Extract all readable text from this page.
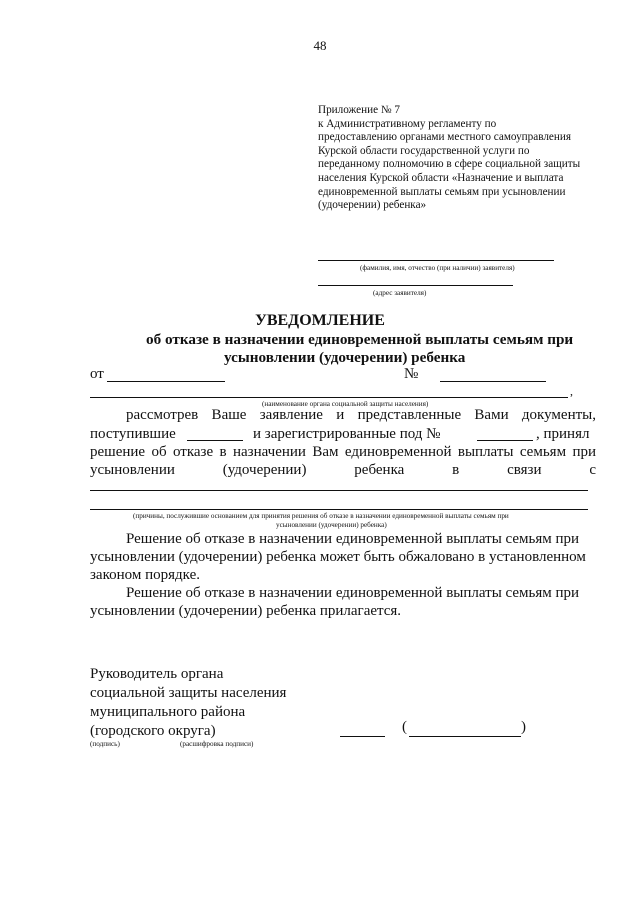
48
Приложение № 7
к Административному регламенту по
предоставлению органами местного самоуправления
Курской области государственной услуги по
переданному полномочию в сфере социальной защиты
населения Курской области «Назначение и выплата
единовременной выплаты семьям при усыновлении
(удочерении) ребенка»
(фамилия, имя, отчество (при наличии) заявителя)
(адрес заявителя)
УВЕДОМЛЕНИЕ
об отказе в назначении единовременной выплаты семьям при
усыновлении (удочерении) ребенка
от	№
,
(наименование органа социальной защиты населения)
рассмотрев Ваше заявление и представленные Вами документы,
поступившие	и зарегистрированные под №	, принял
решение об отказе в назначении Вам единовременной выплаты семьям при
усыновлении (удочерении) ребенка в связи с
(причины, послужившие основанием для принятия решения об отказе в назначении единовременной выплаты семьям при
усыновлении (удочерении) ребенка)
Решение об отказе в назначении единовременной выплаты семьям при
усыновлении (удочерении) ребенка может быть обжаловано в установленном
законом порядке.
Решение об отказе в назначении единовременной выплаты семьям при
усыновлении (удочерении) ребенка прилагается.
Руководитель органа
социальной защиты населения
муниципального района
(городского округа)	(	)
(подпись)	(расшифровка подписи)
